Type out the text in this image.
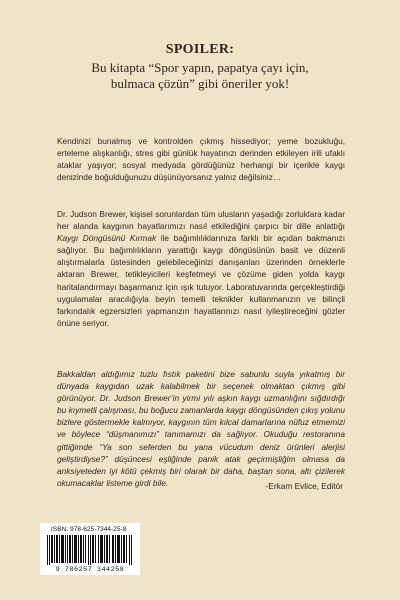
SPOILER:

Bu kitapta “Spor yapın, papatya çayı için,

bulmaca çözün” gibi öneriler yok!

Kendinizi bunalmış ve kontrolden çıkmış hissediyor; yeme bozukluğu, erteleme alışkanlığı, stres gibi günlük hayatınızı derinden etkileyen irili ufaklı ataklar yaşıyor; sosyal medyada gördüğünüz herhangi bir içerikle kaygı denizinde boğulduğunuzu düşünüyorsanız yalnız değilsiniz…

Dr. Judson Brewer, kişisel sorunlardan tüm ulusların yaşadığı zorluklara kadar her alanda kaygının hayatlarımızı nasıl etkilediğini çarpıcı bir dille anlattığı Kaygı Döngüsünü Kırmak ile bağımlılıklarınıza farklı bir açıdan bakmanızı sağlıyor. Bu bağımlılıkların yarattığı kaygı döngüsünün basit ve düzenli alıştırmalarla üstesinden gelebileceğinizi danışanları üzerinden örneklerle aktaran Brewer, tetikleyicileri keşfetmeyi ve çözüme giden yolda kaygı haritalandırmayı başarmanız için ışık tutuyor. Laboratuvarında gerçekleştirdiği uygulamalar aracılığıyla beyin temelli teknikler kullanmanızın ve bilinçli farkındalık egzersizleri yapmanızın hayatlarınızı nasıl iyileştireceğini gözler önüne seriyor.

Bakkaldan aldığımız tuzlu fıstık paketini bize sabunlu suyla yıkatmış bir dünyada kaygıdan uzak kalabilmek bir seçenek olmaktan çıkmış gibi görünüyor. Dr. Judson Brewer’in yirmi yılı aşkın kaygı uzmanlığını sığdırdığı bu kıymetli çalışması, bu boğucu zamanlarda kaygı döngüsünden çıkış yolunu bizlere göstermekle kalmıyor, kaygının tüm kılcal damarlarına nüfuz etmemizi ve böylece “düşmanımızı” tanımamızı da sağlıyor. Okuduğu restoranına gittiğimde “Ya son seferden bu yana vücudum deniz ürünleri alerjisi geliştirdiyse?” düşüncesi eşliğinde panik atak geçirmişliğim olmasa da anksiyeteden iyi kötü çekmiş biri olarak bir daha, baştan sona, altı çizilerek okumacaklar listeme girdi bile.	-Erkam Evlice, Editör

ISBN: 978-625-7344-25-8

9 786257 344258
